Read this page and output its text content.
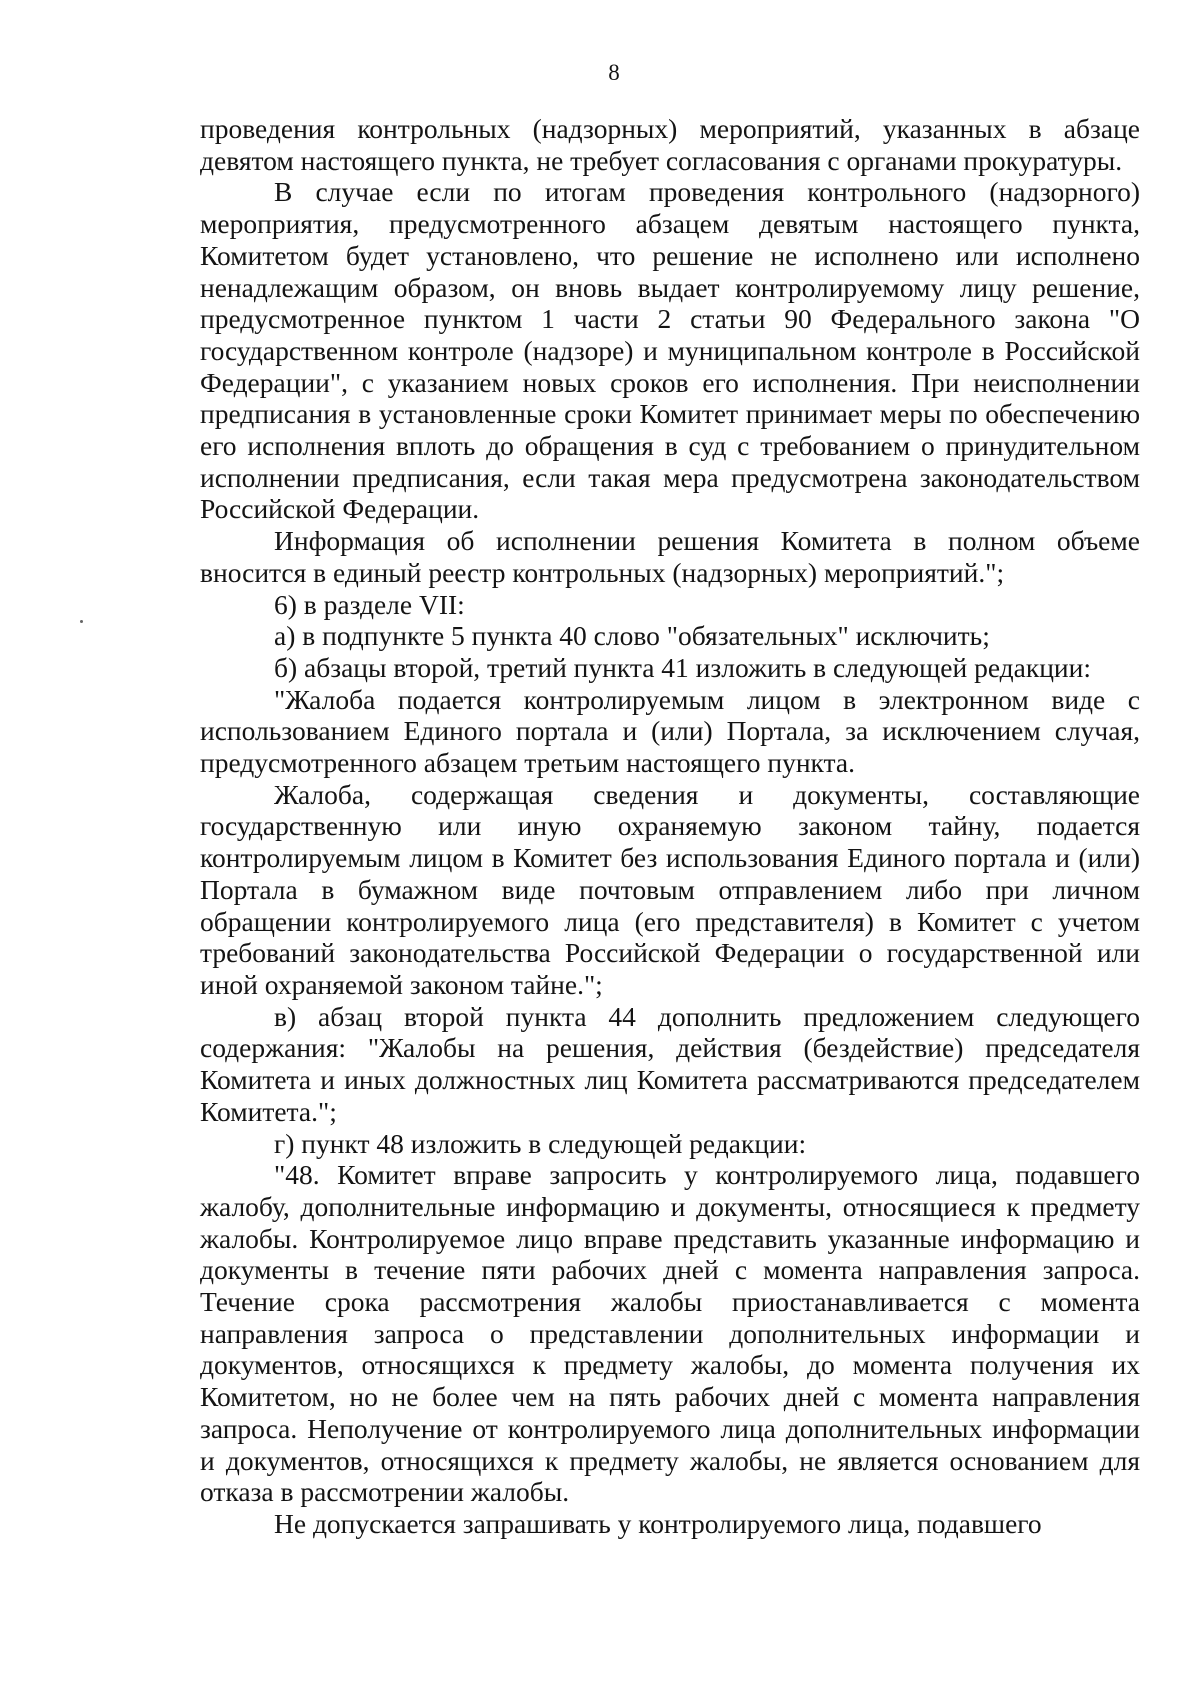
8

проведения контрольных (надзорных) мероприятий, указанных в абзаце девятом настоящего пункта, не требует согласования с органами прокуратуры.

В случае если по итогам проведения контрольного (надзорного) мероприятия, предусмотренного абзацем девятым настоящего пункта, Комитетом будет установлено, что решение не исполнено или исполнено ненадлежащим образом, он вновь выдает контролируемому лицу решение, предусмотренное пунктом 1 части 2 статьи 90 Федерального закона "О государственном контроле (надзоре) и муниципальном контроле в Российской Федерации", с указанием новых сроков его исполнения. При неисполнении предписания в установленные сроки Комитет принимает меры по обеспечению его исполнения вплоть до обращения в суд с требованием о принудительном исполнении предписания, если такая мера предусмотрена законодательством Российской Федерации.

Информация об исполнении решения Комитета в полном объеме вносится в единый реестр контрольных (надзорных) мероприятий.";

6) в разделе VII:

а) в подпункте 5 пункта 40 слово "обязательных" исключить;

б) абзацы второй, третий пункта 41 изложить в следующей редакции:

"Жалоба подается контролируемым лицом в электронном виде с использованием Единого портала и (или) Портала, за исключением случая, предусмотренного абзацем третьим настоящего пункта.

Жалоба, содержащая сведения и документы, составляющие государственную или иную охраняемую законом тайну, подается контролируемым лицом в Комитет без использования Единого портала и (или) Портала в бумажном виде почтовым отправлением либо при личном обращении контролируемого лица (его представителя) в Комитет с учетом требований законодательства Российской Федерации о государственной или иной охраняемой законом тайне.";

в) абзац второй пункта 44 дополнить предложением следующего содержания: "Жалобы на решения, действия (бездействие) председателя Комитета и иных должностных лиц Комитета рассматриваются председателем Комитета.";

г) пункт 48 изложить в следующей редакции:

"48. Комитет вправе запросить у контролируемого лица, подавшего жалобу, дополнительные информацию и документы, относящиеся к предмету жалобы. Контролируемое лицо вправе представить указанные информацию и документы в течение пяти рабочих дней с момента направления запроса. Течение срока рассмотрения жалобы приостанавливается с момента направления запроса о представлении дополнительных информации и документов, относящихся к предмету жалобы, до момента получения их Комитетом, но не более чем на пять рабочих дней с момента направления запроса. Неполучение от контролируемого лица дополнительных информации и документов, относящихся к предмету жалобы, не является основанием для отказа в рассмотрении жалобы.

Не допускается запрашивать у контролируемого лица, подавшего
